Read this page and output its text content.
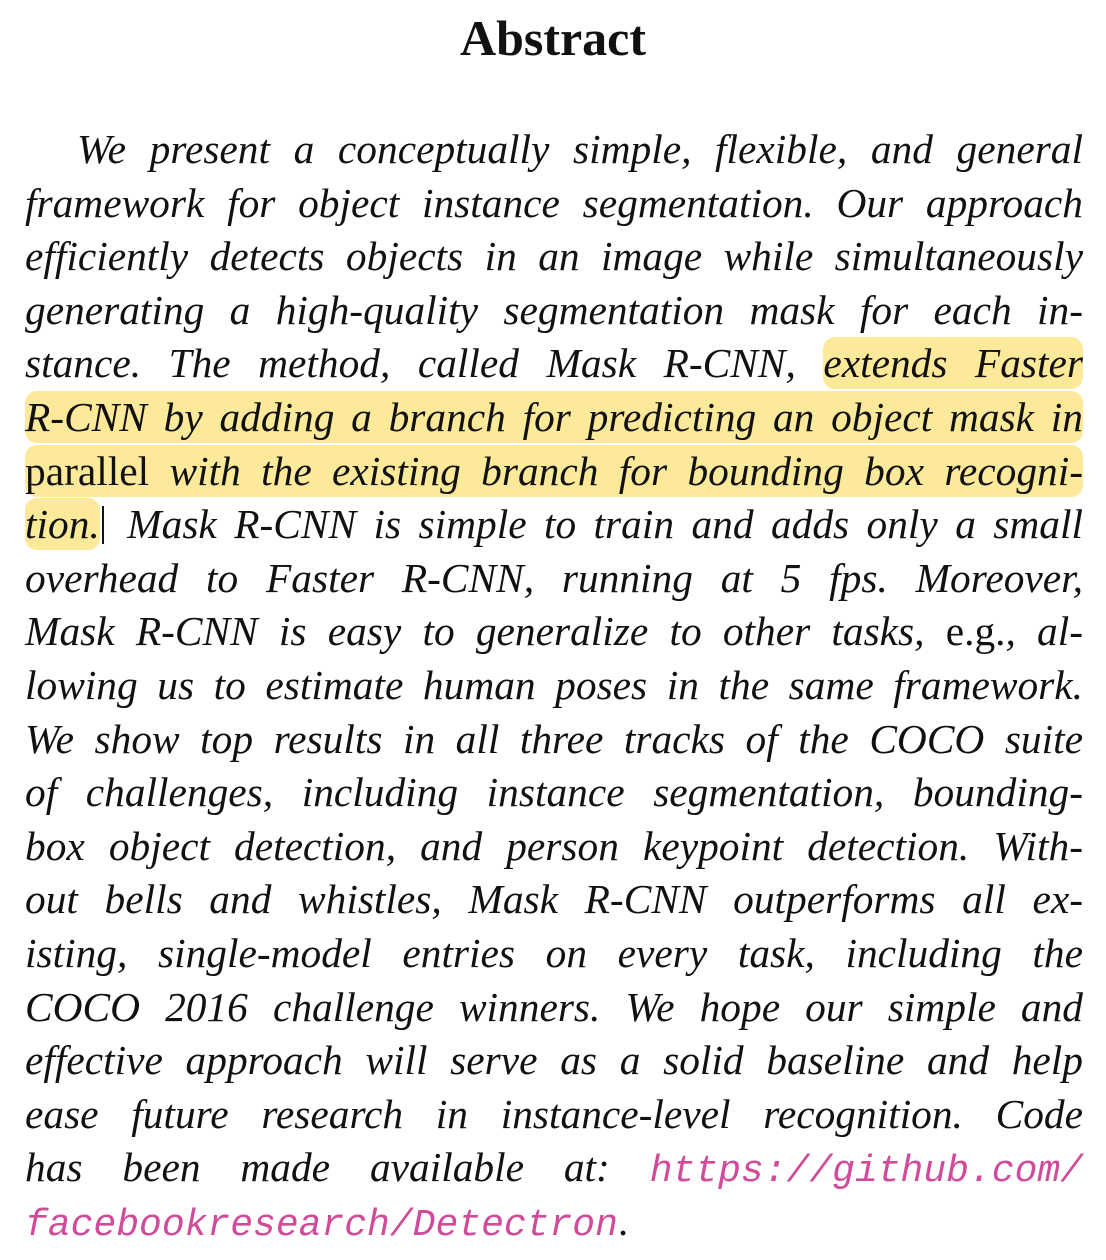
Abstract
We present a conceptually simple, flexible, and general
framework for object instance segmentation. Our approach
efficiently detects objects in an image while simultaneously
generating a high-quality segmentation mask for each in-
stance. The method, called Mask R-CNN, extends Faster
R-CNN by adding a branch for predicting an object mask in
parallel with the existing branch for bounding box recogni-
tion. Mask R-CNN is simple to train and adds only a small
overhead to Faster R-CNN, running at 5 fps. Moreover,
Mask R-CNN is easy to generalize to other tasks, e.g., al-
lowing us to estimate human poses in the same framework.
We show top results in all three tracks of the COCO suite
of challenges, including instance segmentation, bounding-
box object detection, and person keypoint detection. With-
out bells and whistles, Mask R-CNN outperforms all ex-
isting, single-model entries on every task, including the
COCO 2016 challenge winners. We hope our simple and
effective approach will serve as a solid baseline and help
ease future research in instance-level recognition. Code
has been made available at: https://github.com/
facebookresearch/Detectron.
